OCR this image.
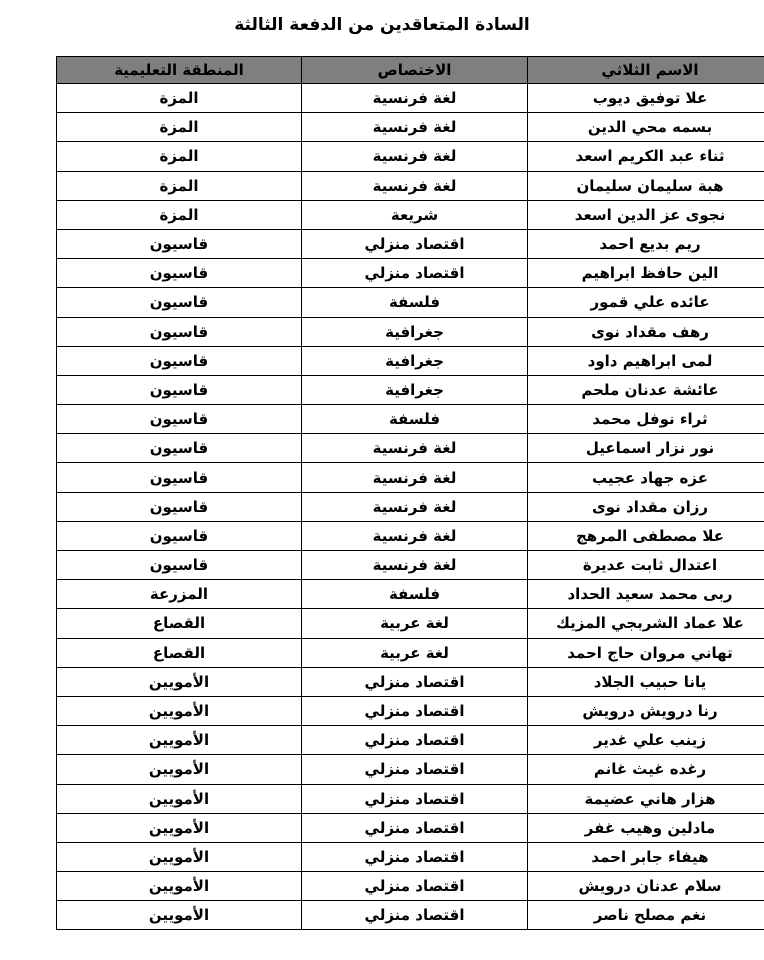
السادة المتعاقدين من الدفعة الثالثة
الاسم الثلاثي	الاختصاص	المنطقة التعليمية
علا توفيق ديوب	لغة فرنسية	المزة
بسمه محي الدين	لغة فرنسية	المزة
ثناء عبد الكريم اسعد	لغة فرنسية	المزة
هبة سليمان سليمان	لغة فرنسية	المزة
نجوى عز الدين اسعد	شريعة	المزة
ريم بديع احمد	اقتصاد منزلي	قاسيون
الين حافظ ابراهيم	اقتصاد منزلي	قاسيون
عائده علي قمور	فلسفة	قاسيون
رهف مقداد نوى	جغرافية	قاسيون
لمى ابراهيم داود	جغرافية	قاسيون
عائشة عدنان ملحم	جغرافية	قاسيون
ثراء نوفل محمد	فلسفة	قاسيون
نور نزار اسماعيل	لغة فرنسية	قاسيون
عزه جهاد عجيب	لغة فرنسية	قاسيون
رزان مقداد نوى	لغة فرنسية	قاسيون
علا مصطفى المرهج	لغة فرنسية	قاسيون
اعتدال ثابت عديرة	لغة فرنسية	قاسيون
ربى محمد سعيد الحداد	فلسفة	المزرعة
علا عماد الشربجي المزيك	لغة عربية	القصاع
تهاني مروان حاج احمد	لغة عربية	القصاع
يانا حبيب الجلاد	اقتصاد منزلي	الأمويين
رنا درويش درويش	اقتصاد منزلي	الأمويين
زينب علي غدير	اقتصاد منزلي	الأمويين
رغده غيث غانم	اقتصاد منزلي	الأمويين
هزار هاني عضيمة	اقتصاد منزلي	الأمويين
مادلين وهيب غفر	اقتصاد منزلي	الأمويين
هيفاء جابر احمد	اقتصاد منزلي	الأمويين
سلام عدنان درويش	اقتصاد منزلي	الأمويين
نغم مصلح ناصر	اقتصاد منزلي	الأمويين
